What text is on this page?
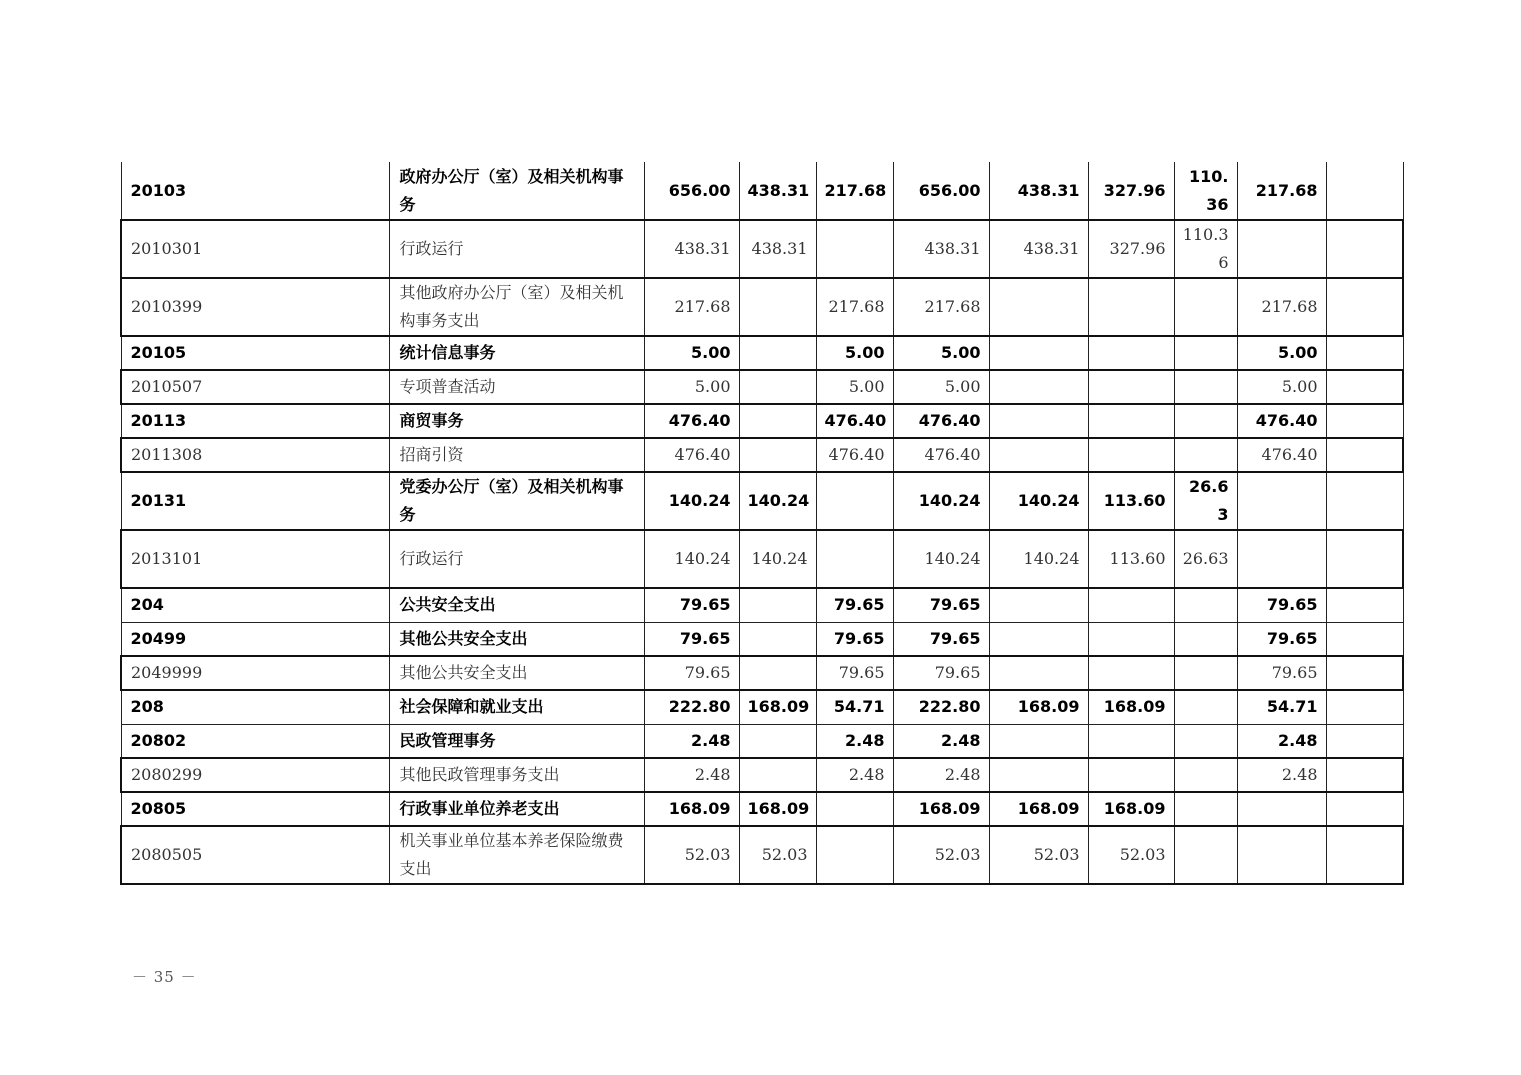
20103	政府办公厅（室）及相关机构事务	656.00	438.31	217.68	656.00	438.31	327.96	110.36	217.68	
2010301	行政运行	438.31	438.31		438.31	438.31	327.96	110.36		
2010399	其他政府办公厅（室）及相关机构事务支出	217.68		217.68	217.68				217.68	
20105	统计信息事务	5.00		5.00	5.00				5.00	
2010507	专项普查活动	5.00		5.00	5.00				5.00	
20113	商贸事务	476.40		476.40	476.40				476.40	
2011308	招商引资	476.40		476.40	476.40				476.40	
20131	党委办公厅（室）及相关机构事务	140.24	140.24		140.24	140.24	113.60	26.63		
2013101	行政运行	140.24	140.24		140.24	140.24	113.60	26.63		
204	公共安全支出	79.65		79.65	79.65				79.65	
20499	其他公共安全支出	79.65		79.65	79.65				79.65	
2049999	其他公共安全支出	79.65		79.65	79.65				79.65	
208	社会保障和就业支出	222.80	168.09	54.71	222.80	168.09	168.09		54.71	
20802	民政管理事务	2.48		2.48	2.48				2.48	
2080299	其他民政管理事务支出	2.48		2.48	2.48				2.48	
20805	行政事业单位养老支出	168.09	168.09		168.09	168.09	168.09			
2080505	机关事业单位基本养老保险缴费支出	52.03	52.03		52.03	52.03	52.03			
－ 35 －
